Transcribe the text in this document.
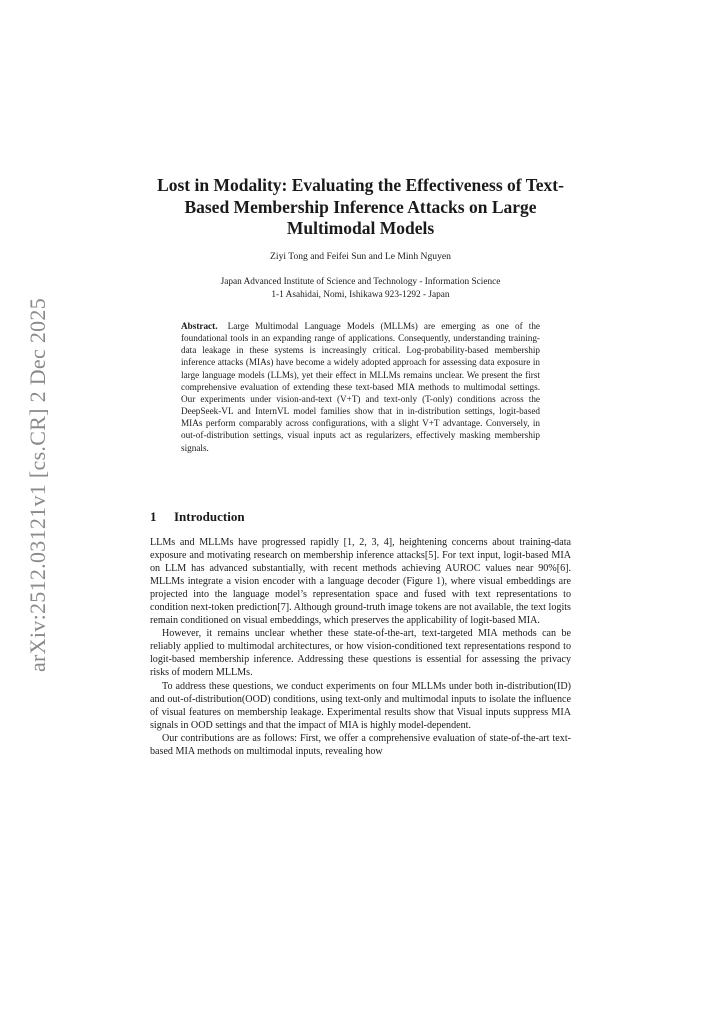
arXiv:2512.03121v1 [cs.CR] 2 Dec 2025
Lost in Modality: Evaluating the Effectiveness of Text-Based Membership Inference Attacks on Large Multimodal Models
Ziyi Tong and Feifei Sun and Le Minh Nguyen
Japan Advanced Institute of Science and Technology - Information Science
1-1 Asahidai, Nomi, Ishikawa 923-1292 - Japan
Abstract. Large Multimodal Language Models (MLLMs) are emerging as one of the foundational tools in an expanding range of applications. Consequently, understanding training-data leakage in these systems is increasingly critical. Log-probability-based membership inference attacks (MIAs) have become a widely adopted approach for assessing data exposure in large language models (LLMs), yet their effect in MLLMs remains unclear. We present the first comprehensive evaluation of extending these text-based MIA methods to multimodal settings. Our experiments under vision-and-text (V+T) and text-only (T-only) conditions across the DeepSeek-VL and InternVL model families show that in in-distribution settings, logit-based MIAs perform comparably across configurations, with a slight V+T advantage. Conversely, in out-of-distribution settings, visual inputs act as regularizers, effectively masking membership signals.
1 Introduction

LLMs and MLLMs have progressed rapidly [1, 2, 3, 4], heightening concerns about training-data exposure and motivating research on membership inference attacks[5]. For text input, logit-based MIA on LLM has advanced substantially, with recent methods achieving AUROC values near 90%[6]. MLLMs integrate a vision encoder with a language decoder (Figure 1), where visual embeddings are projected into the language model’s representation space and fused with text representations to condition next-token prediction[7]. Although ground-truth image tokens are not available, the text logits remain conditioned on visual embeddings, which preserves the applicability of logit-based MIA.

However, it remains unclear whether these state-of-the-art, text-targeted MIA methods can be reliably applied to multimodal architectures, or how vision-conditioned text representations respond to logit-based membership inference. Addressing these questions is essential for assessing the privacy risks of modern MLLMs.

To address these questions, we conduct experiments on four MLLMs under both in-distribution(ID) and out-of-distribution(OOD) conditions, using text-only and multimodal inputs to isolate the influence of visual features on membership leakage. Experimental results show that Visual inputs suppress MIA signals in OOD settings and that the impact of MIA is highly model-dependent.

Our contributions are as follows: First, we offer a comprehensive evaluation of state-of-the-art text-based MIA methods on multimodal inputs, revealing how
